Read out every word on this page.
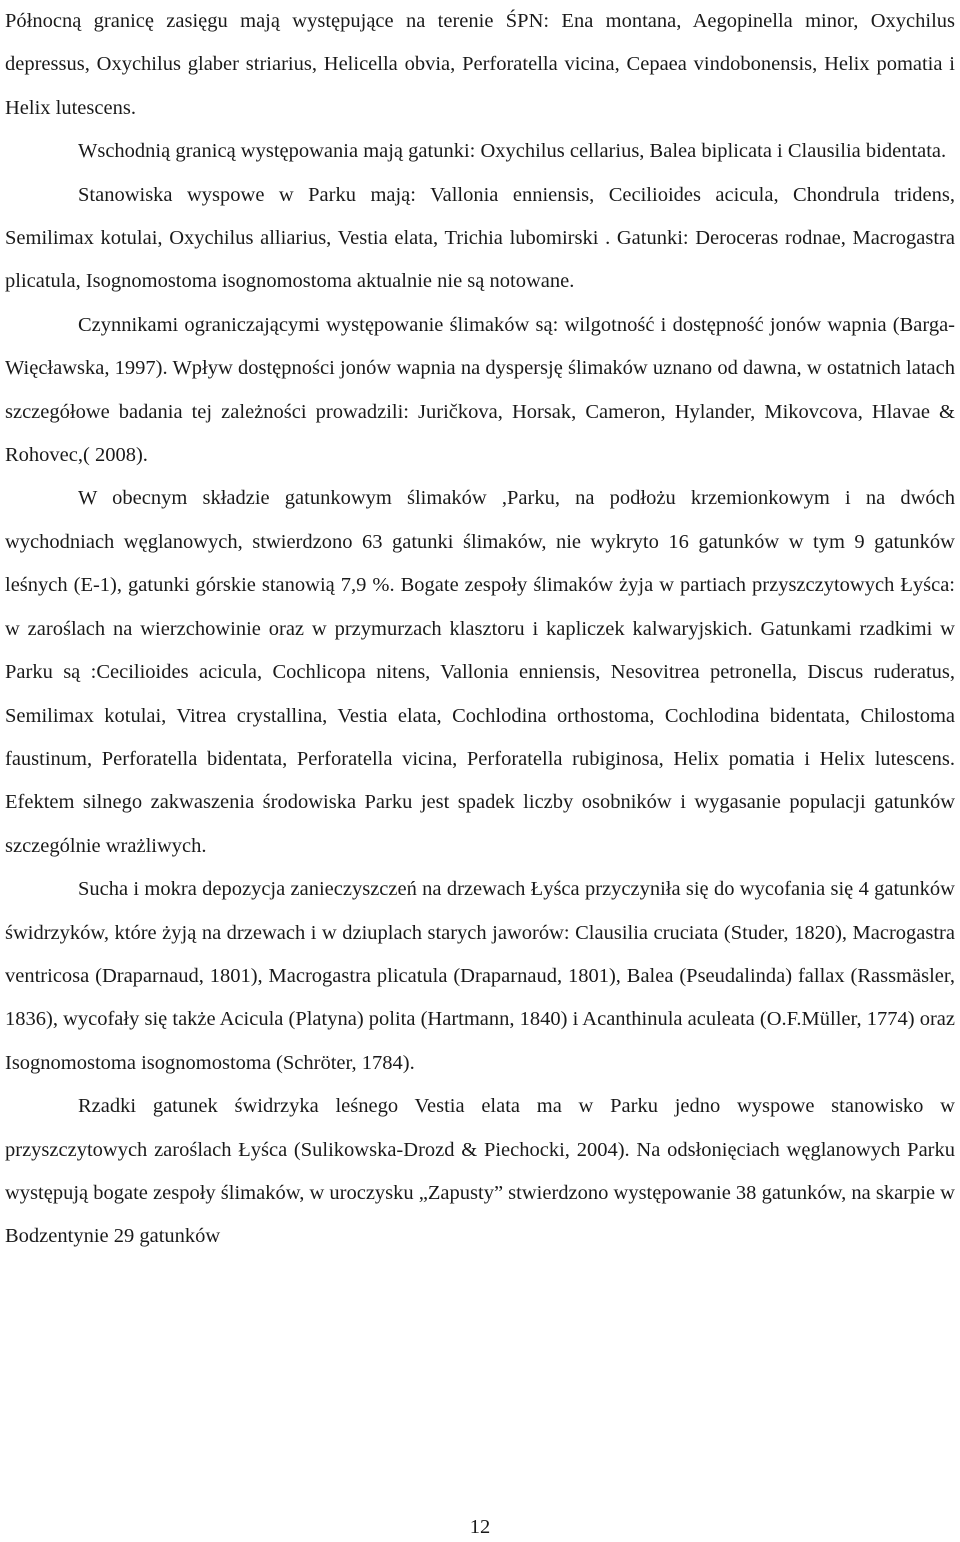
Północną granicę zasięgu mają występujące na terenie ŚPN: Ena montana, Aegopinella minor, Oxychilus depressus, Oxychilus glaber striarius, Helicella obvia, Perforatella vicina, Cepaea vindobonensis, Helix pomatia i Helix lutescens.

Wschodnią granicą występowania mają gatunki: Oxychilus cellarius, Balea biplicata i Clausilia bidentata.

Stanowiska wyspowe w Parku mają: Vallonia enniensis, Cecilioides acicula, Chondrula tridens, Semilimax kotulai, Oxychilus alliarius, Vestia elata, Trichia lubomirski . Gatunki: Deroceras rodnae, Macrogastra plicatula, Isognomostoma isognomostoma aktualnie nie są notowane.

Czynnikami ograniczającymi występowanie ślimaków są: wilgotność i dostępność jonów wapnia (Barga-Więcławska, 1997). Wpływ dostępności jonów wapnia na dyspersję ślimaków uznano od dawna, w ostatnich latach szczegółowe badania tej zależności prowadzili: Juričkova, Horsak, Cameron, Hylander, Mikovcova, Hlavae & Rohovec,( 2008).

W obecnym składzie gatunkowym ślimaków ,Parku, na podłożu krzemionkowym i na dwóch wychodniach węglanowych, stwierdzono 63 gatunki ślimaków, nie wykryto 16 gatunków w tym 9 gatunków leśnych (E-1), gatunki górskie stanowią 7,9 %. Bogate zespoły ślimaków żyja w partiach przyszczytowych Łyśca: w zaroślach na wierzchowinie oraz w przymurzach klasztoru i kapliczek kalwaryjskich. Gatunkami rzadkimi w Parku są :Cecilioides acicula, Cochlicopa nitens, Vallonia enniensis, Nesovitrea petronella, Discus ruderatus, Semilimax kotulai, Vitrea crystallina, Vestia elata, Cochlodina orthostoma, Cochlodina bidentata, Chilostoma faustinum, Perforatella bidentata, Perforatella vicina, Perforatella rubiginosa, Helix pomatia i Helix lutescens. Efektem silnego zakwaszenia środowiska Parku jest spadek liczby osobników i wygasanie populacji gatunków szczególnie wrażliwych.

Sucha i mokra depozycja zanieczyszczeń na drzewach Łyśca przyczyniła się do wycofania się 4 gatunków świdrzyków, które żyją na drzewach i w dziuplach starych jaworów: Clausilia cruciata (Studer, 1820), Macrogastra ventricosa (Draparnaud, 1801), Macrogastra plicatula (Draparnaud, 1801), Balea (Pseudalinda) fallax (Rassmäsler, 1836), wycofały się także Acicula (Platyna) polita (Hartmann, 1840) i Acanthinula aculeata (O.F.Müller, 1774) oraz Isognomostoma isognomostoma (Schröter, 1784).

Rzadki gatunek świdrzyka leśnego Vestia elata ma w Parku jedno wyspowe stanowisko w przyszczytowych zaroślach Łyśca (Sulikowska-Drozd & Piechocki, 2004). Na odsłonięciach węglanowych Parku występują bogate zespoły ślimaków, w uroczysku „Zapusty” stwierdzono występowanie 38 gatunków, na skarpie w Bodzentynie 29 gatunków

12
